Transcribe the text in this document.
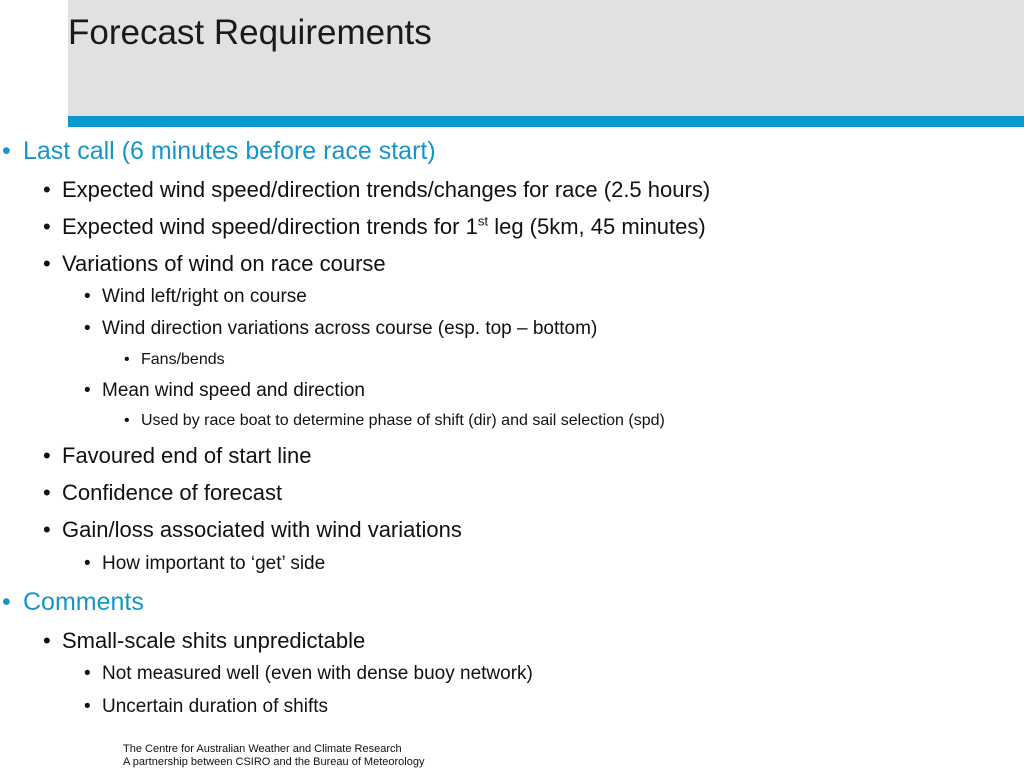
Forecast Requirements
• Last call (6 minutes before race start)
• Expected wind speed/direction trends/changes for race (2.5 hours)
• Expected wind speed/direction trends for 1st leg (5km, 45 minutes)
• Variations of wind on race course
• Wind left/right on course
• Wind direction variations across course (esp. top – bottom)
• Fans/bends
• Mean wind speed and direction
• Used by race boat to determine phase of shift (dir) and sail selection (spd)
• Favoured end of start line
• Confidence of forecast
• Gain/loss associated with wind variations
• How important to ‘get’ side
• Comments
• Small-scale shits unpredictable
• Not measured well (even with dense buoy network)
• Uncertain duration of shifts
The Centre for Australian Weather and Climate Research
A partnership between CSIRO and the Bureau of Meteorology
